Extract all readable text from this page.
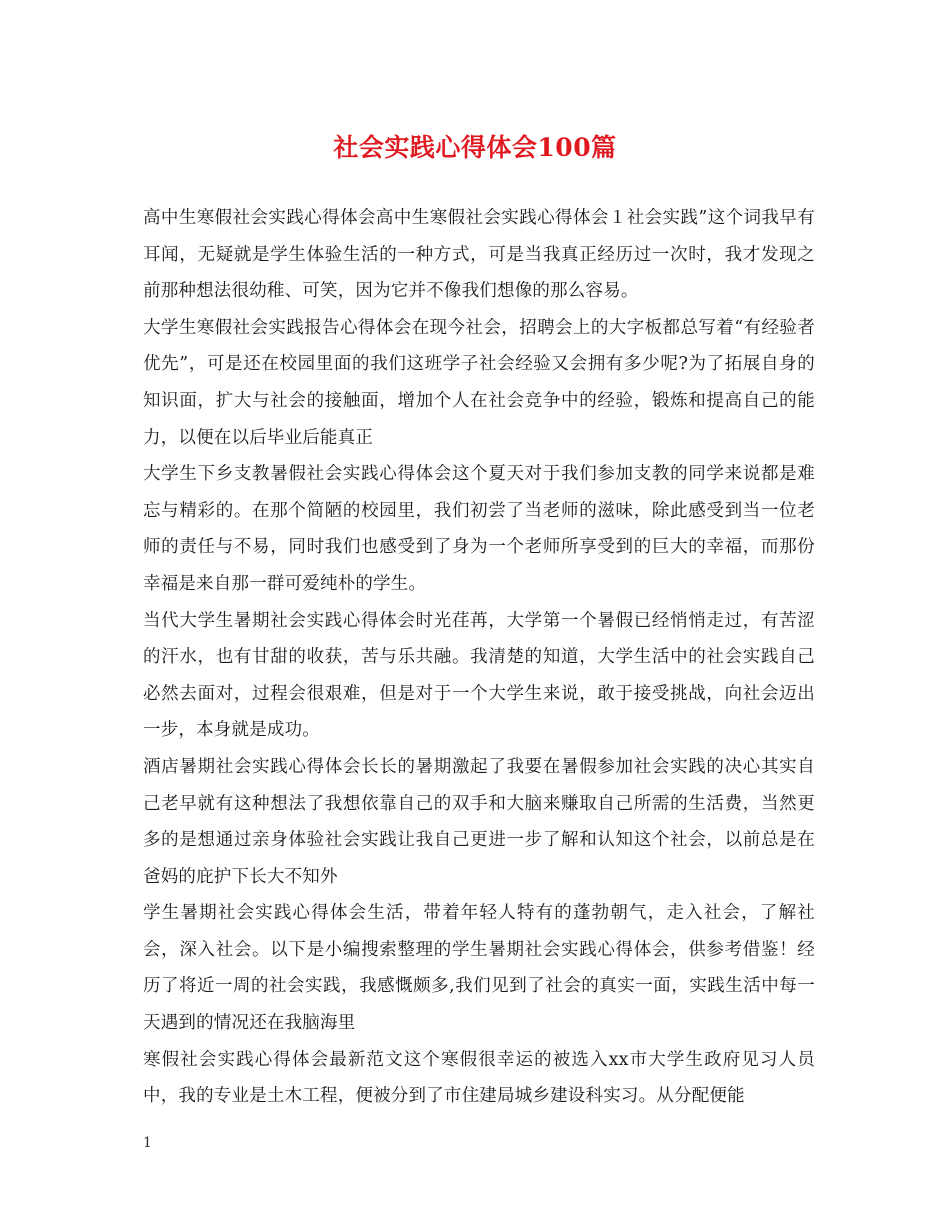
社会实践心得体会100篇

高中生寒假社会实践心得体会高中生寒假社会实践心得体会１社会实践”这个词我早有耳闻，无疑就是学生体验生活的一种方式，可是当我真正经历过一次时，我才发现之前那种想法很幼稚、可笑，因为它并不像我们想像的那么容易。

大学生寒假社会实践报告心得体会在现今社会，招聘会上的大字板都总写着“有经验者优先”，可是还在校园里面的我们这班学子社会经验又会拥有多少呢?为了拓展自身的知识面，扩大与社会的接触面，增加个人在社会竞争中的经验，锻炼和提高自己的能力，以便在以后毕业后能真正

大学生下乡支教暑假社会实践心得体会这个夏天对于我们参加支教的同学来说都是难忘与精彩的。在那个简陋的校园里，我们初尝了当老师的滋味，除此感受到当一位老师的责任与不易，同时我们也感受到了身为一个老师所享受到的巨大的幸福，而那份幸福是来自那一群可爱纯朴的学生。

当代大学生暑期社会实践心得体会时光荏苒，大学第一个暑假已经悄悄走过，有苦涩的汗水，也有甘甜的收获，苦与乐共融。我清楚的知道，大学生活中的社会实践自己必然去面对，过程会很艰难，但是对于一个大学生来说，敢于接受挑战，向社会迈出一步，本身就是成功。

酒店暑期社会实践心得体会长长的暑期激起了我要在暑假参加社会实践的决心其实自己老早就有这种想法了我想依靠自己的双手和大脑来赚取自己所需的生活费，当然更多的是想通过亲身体验社会实践让我自己更进一步了解和认知这个社会，以前总是在爸妈的庇护下长大不知外

学生暑期社会实践心得体会生活，带着年轻人特有的蓬勃朝气，走入社会，了解社会，深入社会。以下是小编搜索整理的学生暑期社会实践心得体会，供参考借鉴！经历了将近一周的社会实践，我感慨颇多,我们见到了社会的真实一面，实践生活中每一天遇到的情况还在我脑海里

寒假社会实践心得体会最新范文这个寒假很幸运的被选入xx市大学生政府见习人员中，我的专业是土木工程，便被分到了市住建局城乡建设科实习。从分配便能

1
